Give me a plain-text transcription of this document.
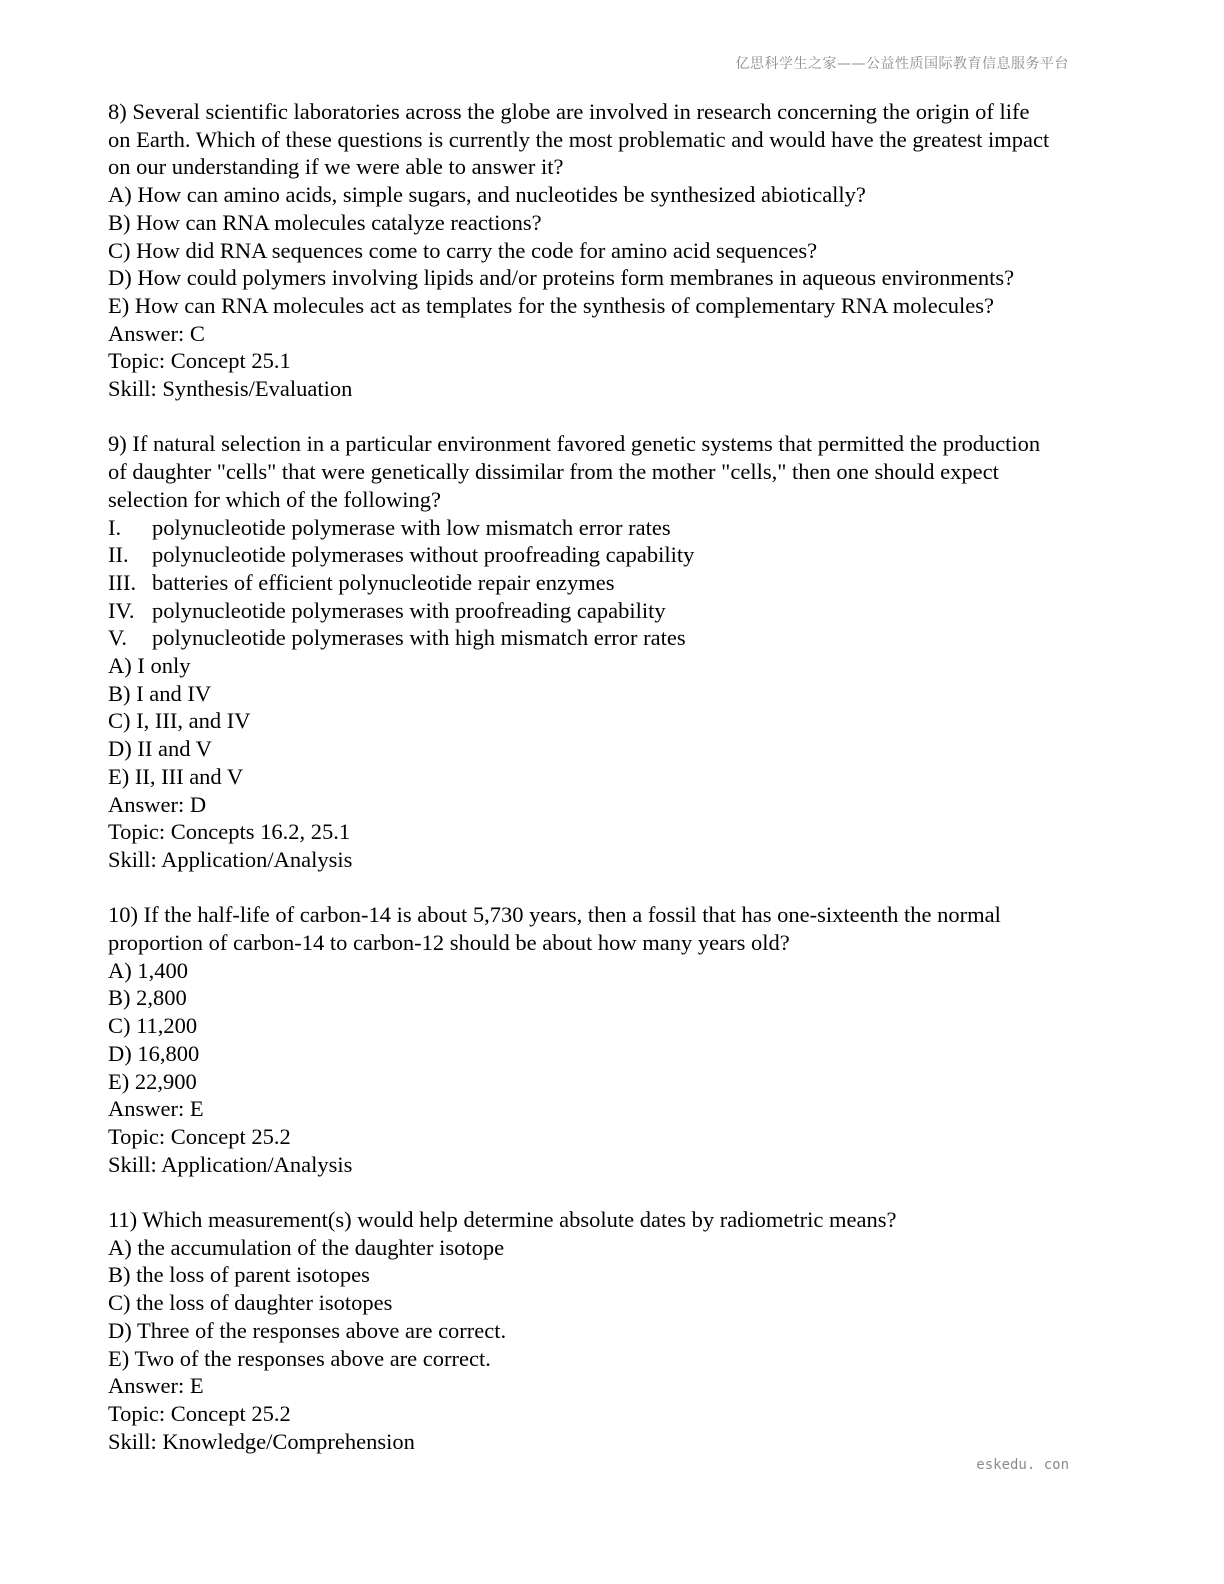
亿思科学生之家——公益性质国际教育信息服务平台
8) Several scientific laboratories across the globe are involved in research concerning the origin of life
on Earth. Which of these questions is currently the most problematic and would have the greatest impact
on our understanding if we were able to answer it?
A) How can amino acids, simple sugars, and nucleotides be synthesized abiotically?
B) How can RNA molecules catalyze reactions?
C) How did RNA sequences come to carry the code for amino acid sequences?
D) How could polymers involving lipids and/or proteins form membranes in aqueous environments?
E) How can RNA molecules act as templates for the synthesis of complementary RNA molecules?
Answer: C
Topic: Concept 25.1
Skill: Synthesis/Evaluation
9) If natural selection in a particular environment favored genetic systems that permitted the production
of daughter "cells" that were genetically dissimilar from the mother "cells," then one should expect
selection for which of the following?
I. polynucleotide polymerase with low mismatch error rates
II. polynucleotide polymerases without proofreading capability
III. batteries of efficient polynucleotide repair enzymes
IV. polynucleotide polymerases with proofreading capability
V. polynucleotide polymerases with high mismatch error rates
A) I only
B) I and IV
C) I, III, and IV
D) II and V
E) II, III and V
Answer: D
Topic: Concepts 16.2, 25.1
Skill: Application/Analysis
10) If the half-life of carbon-14 is about 5,730 years, then a fossil that has one-sixteenth the normal
proportion of carbon-14 to carbon-12 should be about how many years old?
A) 1,400
B) 2,800
C) 11,200
D) 16,800
E) 22,900
Answer: E
Topic: Concept 25.2
Skill: Application/Analysis
11) Which measurement(s) would help determine absolute dates by radiometric means?
A) the accumulation of the daughter isotope
B) the loss of parent isotopes
C) the loss of daughter isotopes
D) Three of the responses above are correct.
E) Two of the responses above are correct.
Answer: E
Topic: Concept 25.2
Skill: Knowledge/Comprehension
eskedu. con
